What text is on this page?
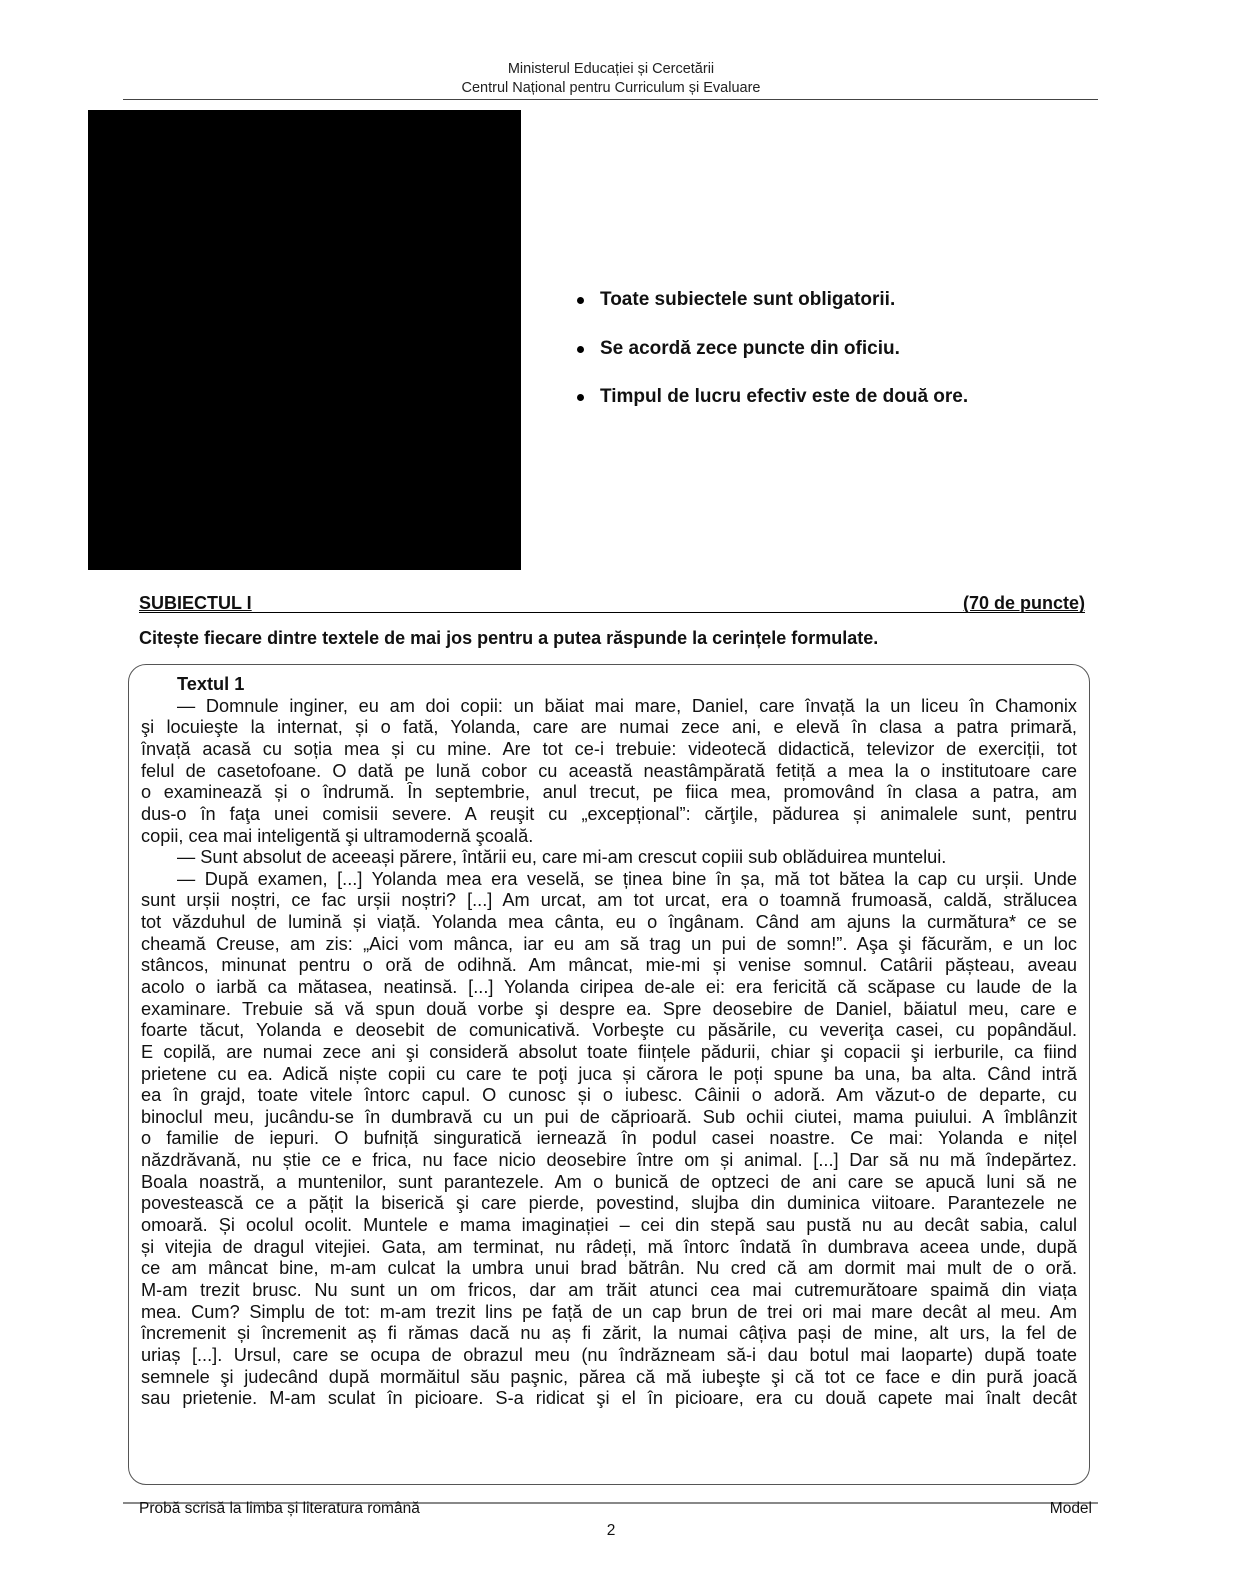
Ministerul Educației și Cercetării
Centrul Național pentru Curriculum și Evaluare
Toate subiectele sunt obligatorii.
Se acordă zece puncte din oficiu.
Timpul de lucru efectiv este de două ore.
SUBIECTUL I	(70 de puncte)
Citește fiecare dintre textele de mai jos pentru a putea răspunde la cerințele formulate.
Textul 1
— Domnule inginer, eu am doi copii: un băiat mai mare, Daniel, care învață la un liceu în Chamonix
şi locuieşte la internat, și o fată, Yolanda, care are numai zece ani, e elevă în clasa a patra primară,
învață acasă cu soția mea și cu mine. Are tot ce-i trebuie: videotecă didactică, televizor de exerciții, tot
felul de casetofoane. O dată pe lună cobor cu această neastâmpărată fetiță a mea la o institutoare care
o examinează și o îndrumă. În septembrie, anul trecut, pe fiica mea, promovând în clasa a patra, am
dus-o în faţa unei comisii severe. A reuşit cu „excepțional”: cărţile, pădurea și animalele sunt, pentru
copii, cea mai inteligentă şi ultramodernă şcoală.
— Sunt absolut de aceeași părere, întării eu, care mi-am crescut copiii sub oblăduirea muntelui.
— După examen, [...] Yolanda mea era veselă, se ținea bine în șa, mă tot bătea la cap cu urșii. Unde
sunt urșii noștri, ce fac urșii noștri? [...] Am urcat, am tot urcat, era o toamnă frumoasă, caldă, strălucea
tot văzduhul de lumină și viață. Yolanda mea cânta, eu o îngânam. Când am ajuns la curmătura* ce se
cheamă Creuse, am zis: „Aici vom mânca, iar eu am să trag un pui de somn!”. Aşa şi făcurăm, e un loc
stâncos, minunat pentru o oră de odihnă. Am mâncat, mie-mi și venise somnul. Catârii pășteau, aveau
acolo o iarbă ca mătasea, neatinsă. [...] Yolanda ciripea de-ale ei: era fericită că scăpase cu laude de la
examinare. Trebuie să vă spun două vorbe şi despre ea. Spre deosebire de Daniel, băiatul meu, care e
foarte tăcut, Yolanda e deosebit de comunicativă. Vorbeşte cu păsările, cu veveriţa casei, cu popândăul.
E copilă, are numai zece ani şi consideră absolut toate ființele pădurii, chiar şi copacii şi ierburile, ca fiind
prietene cu ea. Adică niște copii cu care te poţi juca și cărora le poți spune ba una, ba alta. Când intră
ea în grajd, toate vitele întorc capul. O cunosc și o iubesc. Câinii o adoră. Am văzut-o de departe, cu
binoclul meu, jucându-se în dumbravă cu un pui de căprioară. Sub ochii ciutei, mama puiului. A îmblânzit
o familie de iepuri. O bufniță singuratică iernează în podul casei noastre. Ce mai: Yolanda e nițel
năzdrăvană, nu știe ce e frica, nu face nicio deosebire între om și animal. [...] Dar să nu mă îndepărtez.
Boala noastră, a muntenilor, sunt parantezele. Am o bunică de optzeci de ani care se apucă luni să ne
povestească ce a pățit la biserică şi care pierde, povestind, slujba din duminica viitoare. Parantezele ne
omoară. Și ocolul ocolit. Muntele e mama imaginației – cei din stepă sau pustă nu au decât sabia, calul
și vitejia de dragul vitejiei. Gata, am terminat, nu râdeți, mă întorc îndată în dumbrava aceea unde, după
ce am mâncat bine, m-am culcat la umbra unui brad bătrân. Nu cred că am dormit mai mult de o oră.
M-am trezit brusc. Nu sunt un om fricos, dar am trăit atunci cea mai cutremurătoare spaimă din viața
mea. Cum? Simplu de tot: m-am trezit lins pe față de un cap brun de trei ori mai mare decât al meu. Am
încremenit și încremenit aș fi rămas dacă nu aș fi zărit, la numai câțiva pași de mine, alt urs, la fel de
uriaș [...]. Ursul, care se ocupa de obrazul meu (nu îndrăzneam să-i dau botul mai laoparte) după toate
semnele şi judecând după mormăitul său paşnic, părea că mă iubeşte şi că tot ce face e din pură joacă
sau prietenie. M-am sculat în picioare. S-a ridicat şi el în picioare, era cu două capete mai înalt decât
Probă scrisă la limba și literatura română	Model
2
